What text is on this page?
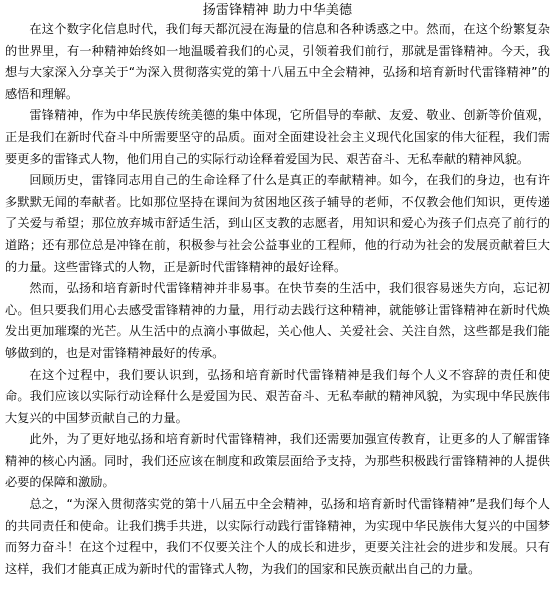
扬雷锋精神 助力中华美德

在这个数字化信息时代，我们每天都沉浸在海量的信息和各种诱惑之中。然而，在这个纷繁复杂的世界里，有一种精神始终如一地温暖着我们的心灵，引领着我们前行，那就是雷锋精神。今天，我想与大家深入分享关于“为深入贯彻落实党的第十八届五中全会精神，弘扬和培育新时代雷锋精神”的感悟和理解。

雷锋精神，作为中华民族传统美德的集中体现，它所倡导的奉献、友爱、敬业、创新等价值观，正是我们在新时代奋斗中所需要坚守的品质。面对全面建设社会主义现代化国家的伟大征程，我们需要更多的雷锋式人物，他们用自己的实际行动诠释着爱国为民、艰苦奋斗、无私奉献的精神风貌。

回顾历史，雷锋同志用自己的生命诠释了什么是真正的奉献精神。如今，在我们的身边，也有许多默默无闻的奉献者。比如那位坚持在课间为贫困地区孩子辅导的老师，不仅教会他们知识，更传递了关爱与希望；那位放弃城市舒适生活，到山区支教的志愿者，用知识和爱心为孩子们点亮了前行的道路；还有那位总是冲锋在前，积极参与社会公益事业的工程师，他的行动为社会的发展贡献着巨大的力量。这些雷锋式的人物，正是新时代雷锋精神的最好诠释。

然而，弘扬和培育新时代雷锋精神并非易事。在快节奏的生活中，我们很容易迷失方向，忘记初心。但只要我们用心去感受雷锋精神的力量，用行动去践行这种精神，就能够让雷锋精神在新时代焕发出更加璀璨的光芒。从生活中的点滴小事做起，关心他人、关爱社会、关注自然，这些都是我们能够做到的，也是对雷锋精神最好的传承。

在这个过程中，我们要认识到，弘扬和培育新时代雷锋精神是我们每个人义不容辞的责任和使命。我们应该以实际行动诠释什么是爱国为民、艰苦奋斗、无私奉献的精神风貌，为实现中华民族伟大复兴的中国梦贡献自己的力量。

此外，为了更好地弘扬和培育新时代雷锋精神，我们还需要加强宣传教育，让更多的人了解雷锋精神的核心内涵。同时，我们还应该在制度和政策层面给予支持，为那些积极践行雷锋精神的人提供必要的保障和激励。

总之，“为深入贯彻落实党的第十八届五中全会精神，弘扬和培育新时代雷锋精神”是我们每个人的共同责任和使命。让我们携手共进，以实际行动践行雷锋精神，为实现中华民族伟大复兴的中国梦而努力奋斗！在这个过程中，我们不仅要关注个人的成长和进步，更要关注社会的进步和发展。只有这样，我们才能真正成为新时代的雷锋式人物，为我们的国家和民族贡献出自己的力量。
